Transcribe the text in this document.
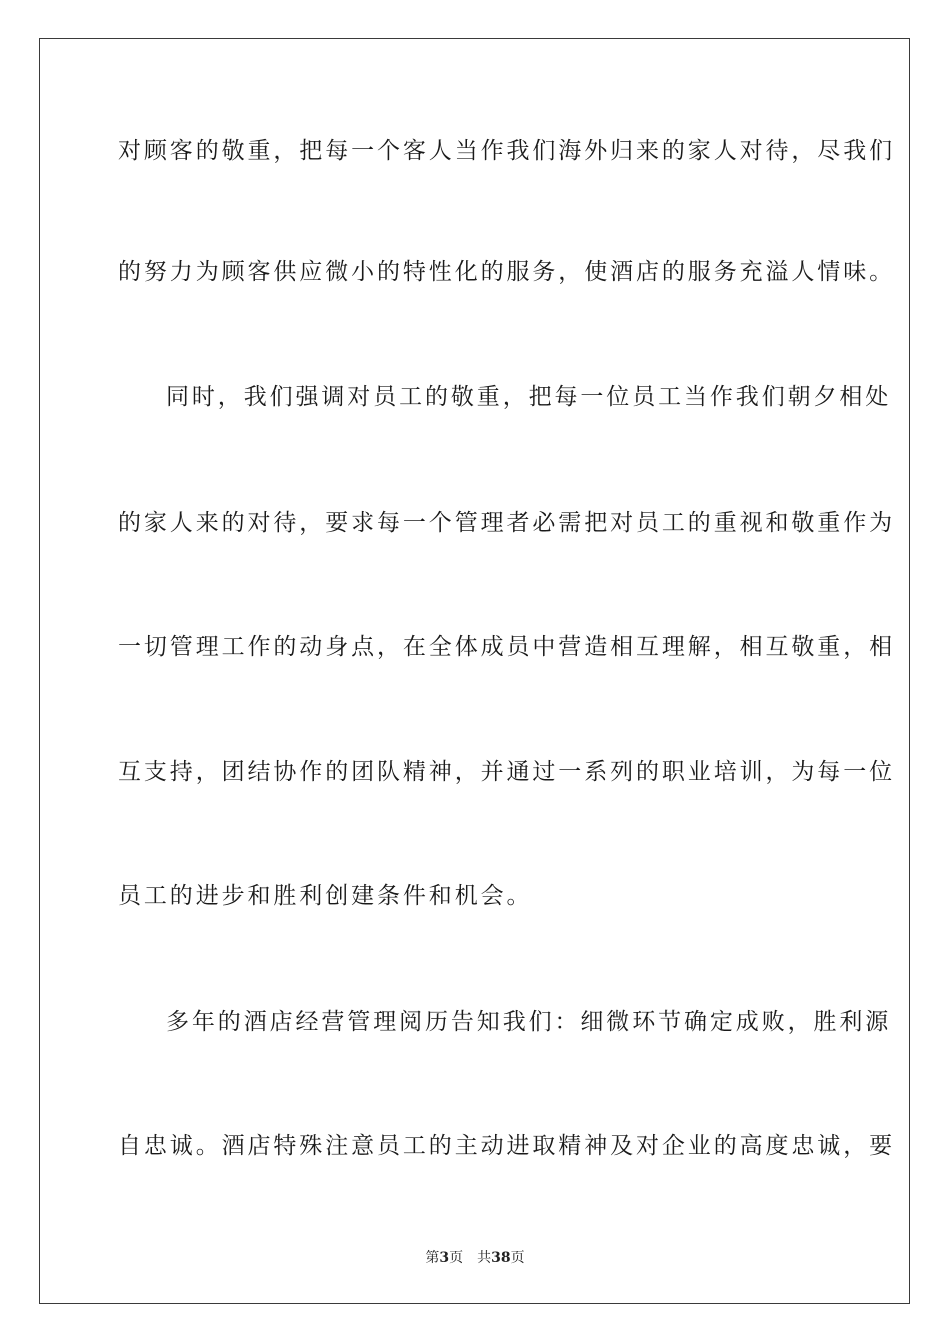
对顾客的敬重，把每一个客人当作我们海外归来的家人对待，尽我们
的努力为顾客供应微小的特性化的服务，使酒店的服务充溢人情味。
同时，我们强调对员工的敬重，把每一位员工当作我们朝夕相处
的家人来的对待，要求每一个管理者必需把对员工的重视和敬重作为
一切管理工作的动身点，在全体成员中营造相互理解，相互敬重，相
互支持，团结协作的团队精神，并通过一系列的职业培训，为每一位
员工的进步和胜利创建条件和机会。
多年的酒店经营管理阅历告知我们：细微环节确定成败，胜利源
自忠诚。酒店特殊注意员工的主动进取精神及对企业的高度忠诚，要
第3页 共38页
